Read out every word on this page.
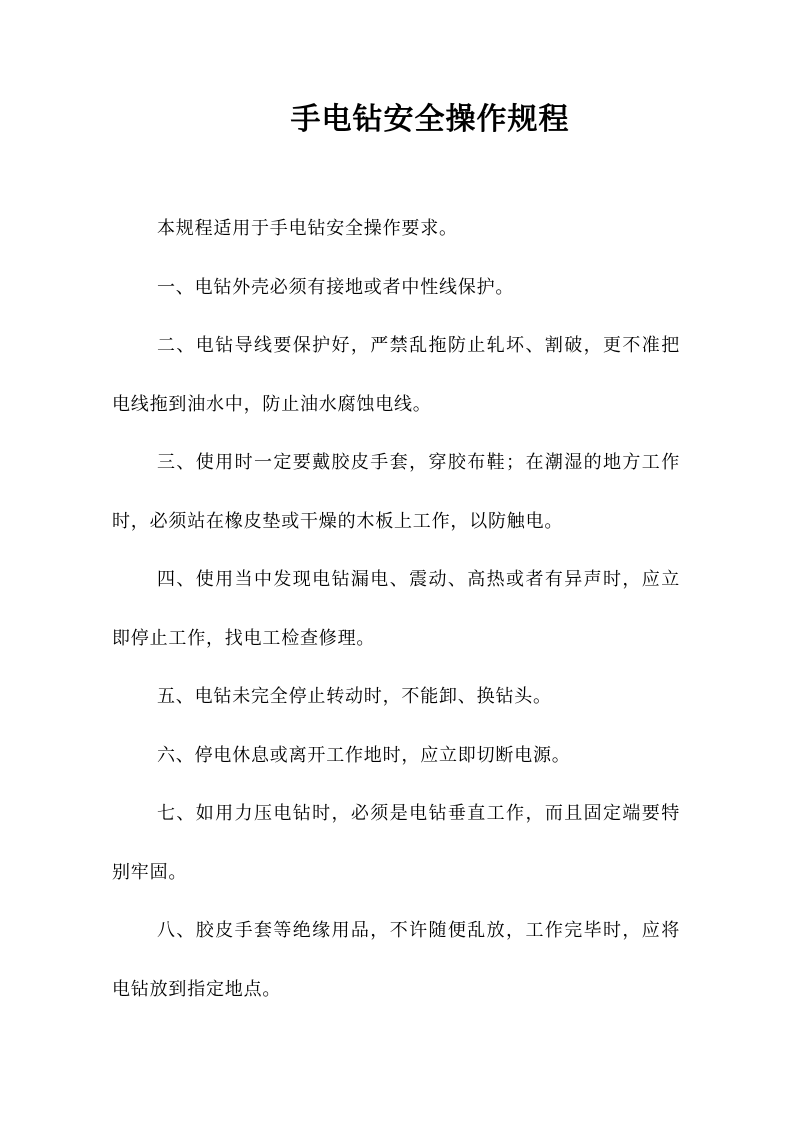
手电钻安全操作规程

本规程适用于手电钻安全操作要求。

一、电钻外壳必须有接地或者中性线保护。

二、电钻导线要保护好，严禁乱拖防止轧坏、割破，更不准把电线拖到油水中，防止油水腐蚀电线。

三、使用时一定要戴胶皮手套，穿胶布鞋；在潮湿的地方工作时，必须站在橡皮垫或干燥的木板上工作，以防触电。

四、使用当中发现电钻漏电、震动、高热或者有异声时，应立即停止工作，找电工检查修理。

五、电钻未完全停止转动时，不能卸、换钻头。

六、停电休息或离开工作地时，应立即切断电源。

七、如用力压电钻时，必须是电钻垂直工作，而且固定端要特别牢固。

八、胶皮手套等绝缘用品，不许随便乱放，工作完毕时，应将电钻放到指定地点。
